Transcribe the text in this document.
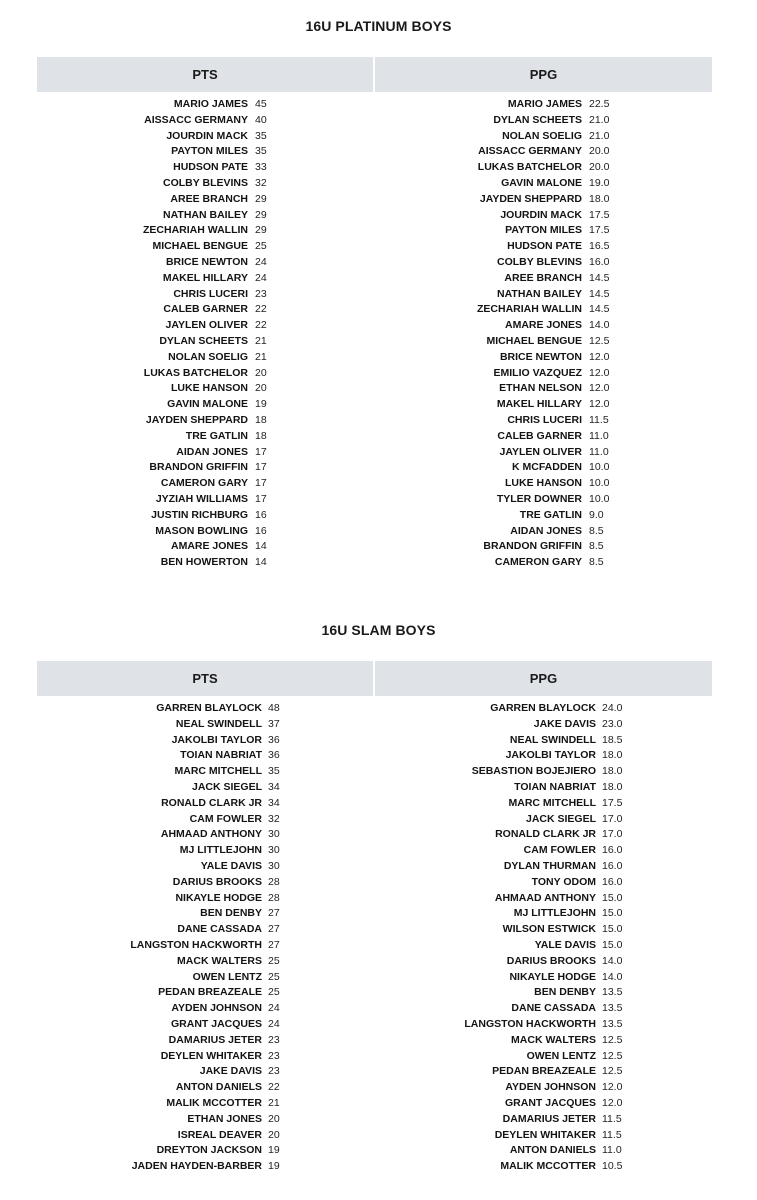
16U PLATINUM BOYS
PTS	PPG
MARIO JAMES 45
AISSACC GERMANY 40
JOURDIN MACK 35
PAYTON MILES 35
HUDSON PATE 33
COLBY BLEVINS 32
AREE BRANCH 29
NATHAN BAILEY 29
ZECHARIAH WALLIN 29
MICHAEL BENGUE 25
BRICE NEWTON 24
MAKEL HILLARY 24
CHRIS LUCERI 23
CALEB GARNER 22
JAYLEN OLIVER 22
DYLAN SCHEETS 21
NOLAN SOELIG 21
LUKAS BATCHELOR 20
LUKE HANSON 20
GAVIN MALONE 19
JAYDEN SHEPPARD 18
TRE GATLIN 18
AIDAN JONES 17
BRANDON GRIFFIN 17
CAMERON GARY 17
JYZIAH WILLIAMS 17
JUSTIN RICHBURG 16
MASON BOWLING 16
AMARE JONES 14
BEN HOWERTON 14
MARIO JAMES 22.5
DYLAN SCHEETS 21.0
NOLAN SOELIG 21.0
AISSACC GERMANY 20.0
LUKAS BATCHELOR 20.0
GAVIN MALONE 19.0
JAYDEN SHEPPARD 18.0
JOURDIN MACK 17.5
PAYTON MILES 17.5
HUDSON PATE 16.5
COLBY BLEVINS 16.0
AREE BRANCH 14.5
NATHAN BAILEY 14.5
ZECHARIAH WALLIN 14.5
AMARE JONES 14.0
MICHAEL BENGUE 12.5
BRICE NEWTON 12.0
EMILIO VAZQUEZ 12.0
ETHAN NELSON 12.0
MAKEL HILLARY 12.0
CHRIS LUCERI 11.5
CALEB GARNER 11.0
JAYLEN OLIVER 11.0
K MCFADDEN 10.0
LUKE HANSON 10.0
TYLER DOWNER 10.0
TRE GATLIN 9.0
AIDAN JONES 8.5
BRANDON GRIFFIN 8.5
CAMERON GARY 8.5
16U SLAM BOYS
PTS	PPG
GARREN BLAYLOCK 48
NEAL SWINDELL 37
JAKOLBI TAYLOR 36
TOIAN NABRIAT 36
MARC MITCHELL 35
JACK SIEGEL 34
RONALD CLARK JR 34
CAM FOWLER 32
AHMAAD ANTHONY 30
MJ LITTLEJOHN 30
YALE DAVIS 30
DARIUS BROOKS 28
NIKAYLE HODGE 28
BEN DENBY 27
DANE CASSADA 27
LANGSTON HACKWORTH 27
MACK WALTERS 25
OWEN LENTZ 25
PEDAN BREAZEALE 25
AYDEN JOHNSON 24
GRANT JACQUES 24
DAMARIUS JETER 23
DEYLEN WHITAKER 23
JAKE DAVIS 23
ANTON DANIELS 22
MALIK MCCOTTER 21
ETHAN JONES 20
ISREAL DEAVER 20
DREYTON JACKSON 19
JADEN HAYDEN-BARBER 19
GARREN BLAYLOCK 24.0
JAKE DAVIS 23.0
NEAL SWINDELL 18.5
JAKOLBI TAYLOR 18.0
SEBASTION BOJEJIERO 18.0
TOIAN NABRIAT 18.0
MARC MITCHELL 17.5
JACK SIEGEL 17.0
RONALD CLARK JR 17.0
CAM FOWLER 16.0
DYLAN THURMAN 16.0
TONY ODOM 16.0
AHMAAD ANTHONY 15.0
MJ LITTLEJOHN 15.0
WILSON ESTWICK 15.0
YALE DAVIS 15.0
DARIUS BROOKS 14.0
NIKAYLE HODGE 14.0
BEN DENBY 13.5
DANE CASSADA 13.5
LANGSTON HACKWORTH 13.5
MACK WALTERS 12.5
OWEN LENTZ 12.5
PEDAN BREAZEALE 12.5
AYDEN JOHNSON 12.0
GRANT JACQUES 12.0
DAMARIUS JETER 11.5
DEYLEN WHITAKER 11.5
ANTON DANIELS 11.0
MALIK MCCOTTER 10.5
